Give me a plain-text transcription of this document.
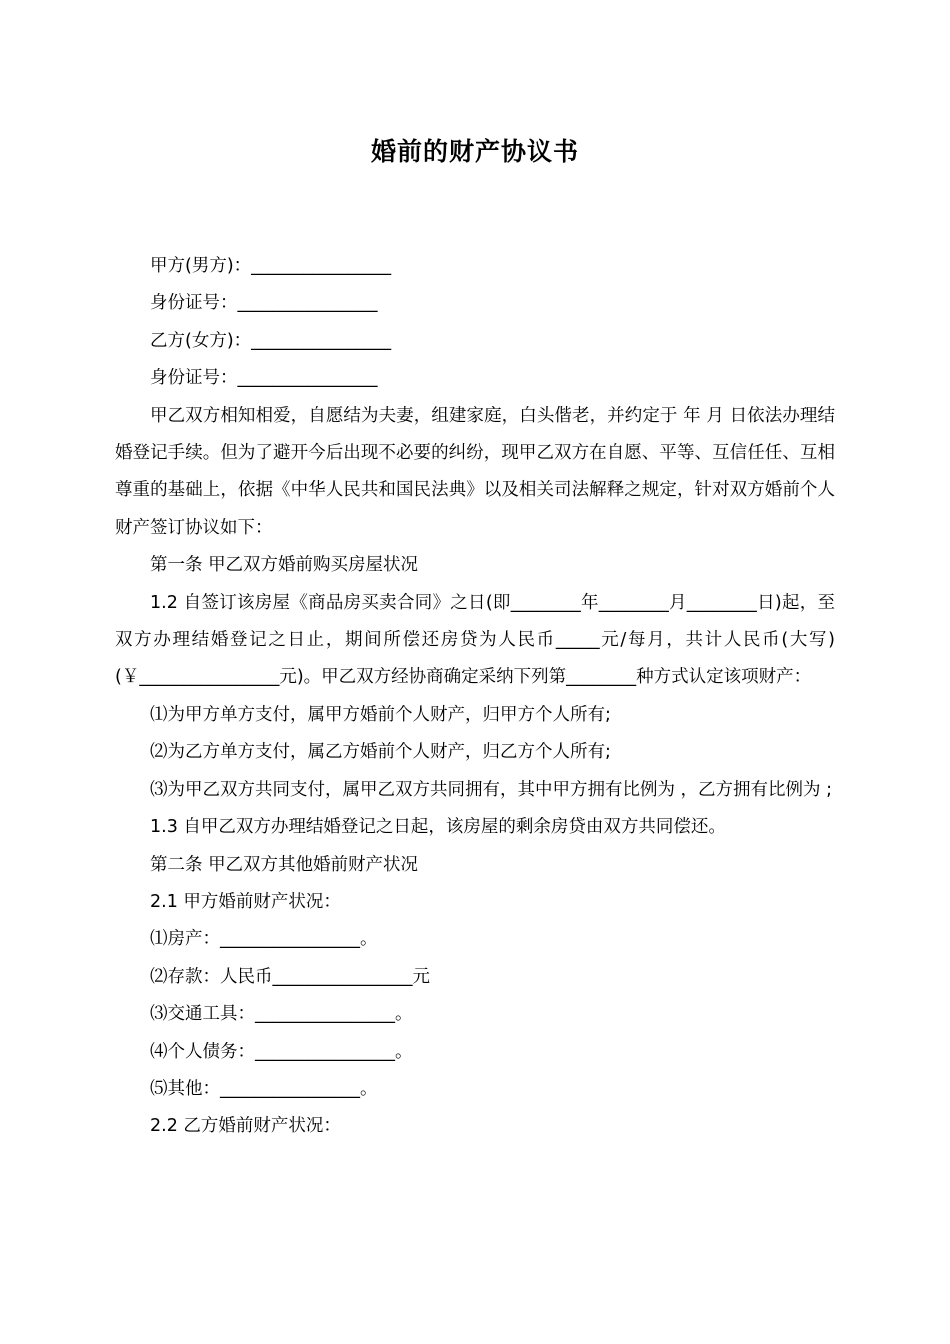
婚前的财产协议书

甲方(男方)：________________

身份证号：________________

乙方(女方)：________________

身份证号：________________

甲乙双方相知相爱，自愿结为夫妻，组建家庭，白头偕老，并约定于 年 月 日依法办理结婚登记手续。但为了避开今后出现不必要的纠纷，现甲乙双方在自愿、平等、互信任任、互相尊重的基础上，依据《中华人民共和国民法典》以及相关司法解释之规定，针对双方婚前个人财产签订协议如下：

第一条 甲乙双方婚前购买房屋状况

1.2 自签订该房屋《商品房买卖合同》之日(即________年________月________日)起，至双方办理结婚登记之日止，期间所偿还房贷为人民币_____元/每月，共计人民币(大写)(￥________________元)。甲乙双方经协商确定采纳下列第________种方式认定该项财产：

⑴为甲方单方支付，属甲方婚前个人财产，归甲方个人所有;

⑵为乙方单方支付，属乙方婚前个人财产，归乙方个人所有;

⑶为甲乙双方共同支付，属甲乙双方共同拥有，其中甲方拥有比例为 ，乙方拥有比例为 ;

1.3 自甲乙双方办理结婚登记之日起，该房屋的剩余房贷由双方共同偿还。

第二条 甲乙双方其他婚前财产状况

2.1 甲方婚前财产状况：

⑴房产：________________。

⑵存款：人民币________________元

⑶交通工具：________________。

⑷个人债务：________________。

⑸其他：________________。

2.2 乙方婚前财产状况：
